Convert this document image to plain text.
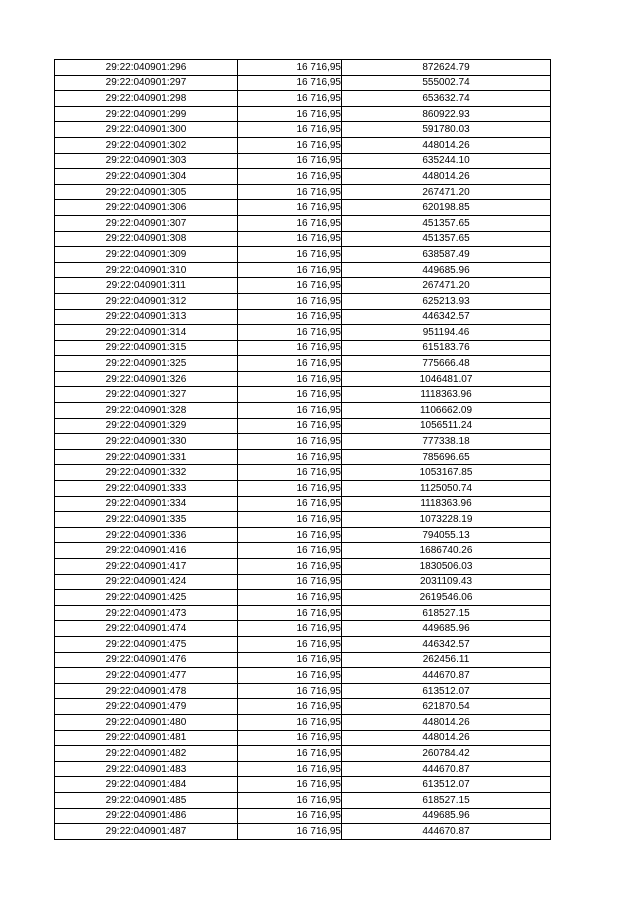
29:22:040901:296	16 716,95	872624.79
29:22:040901:297	16 716,95	555002.74
29:22:040901:298	16 716,95	653632.74
29:22:040901:299	16 716,95	860922.93
29:22:040901:300	16 716,95	591780.03
29:22:040901:302	16 716,95	448014.26
29:22:040901:303	16 716,95	635244.10
29:22:040901:304	16 716,95	448014.26
29:22:040901:305	16 716,95	267471.20
29:22:040901:306	16 716,95	620198.85
29:22:040901:307	16 716,95	451357.65
29:22:040901:308	16 716,95	451357.65
29:22:040901:309	16 716,95	638587.49
29:22:040901:310	16 716,95	449685.96
29:22:040901:311	16 716,95	267471.20
29:22:040901:312	16 716,95	625213.93
29:22:040901:313	16 716,95	446342.57
29:22:040901:314	16 716,95	951194.46
29:22:040901:315	16 716,95	615183.76
29:22:040901:325	16 716,95	775666.48
29:22:040901:326	16 716,95	1046481.07
29:22:040901:327	16 716,95	1118363.96
29:22:040901:328	16 716,95	1106662.09
29:22:040901:329	16 716,95	1056511.24
29:22:040901:330	16 716,95	777338.18
29:22:040901:331	16 716,95	785696.65
29:22:040901:332	16 716,95	1053167.85
29:22:040901:333	16 716,95	1125050.74
29:22:040901:334	16 716,95	1118363.96
29:22:040901:335	16 716,95	1073228.19
29:22:040901:336	16 716,95	794055.13
29:22:040901:416	16 716,95	1686740.26
29:22:040901:417	16 716,95	1830506.03
29:22:040901:424	16 716,95	2031109.43
29:22:040901:425	16 716,95	2619546.06
29:22:040901:473	16 716,95	618527.15
29:22:040901:474	16 716,95	449685.96
29:22:040901:475	16 716,95	446342.57
29:22:040901:476	16 716,95	262456.11
29:22:040901:477	16 716,95	444670.87
29:22:040901:478	16 716,95	613512.07
29:22:040901:479	16 716,95	621870.54
29:22:040901:480	16 716,95	448014.26
29:22:040901:481	16 716,95	448014.26
29:22:040901:482	16 716,95	260784.42
29:22:040901:483	16 716,95	444670.87
29:22:040901:484	16 716,95	613512.07
29:22:040901:485	16 716,95	618527.15
29:22:040901:486	16 716,95	449685.96
29:22:040901:487	16 716,95	444670.87
